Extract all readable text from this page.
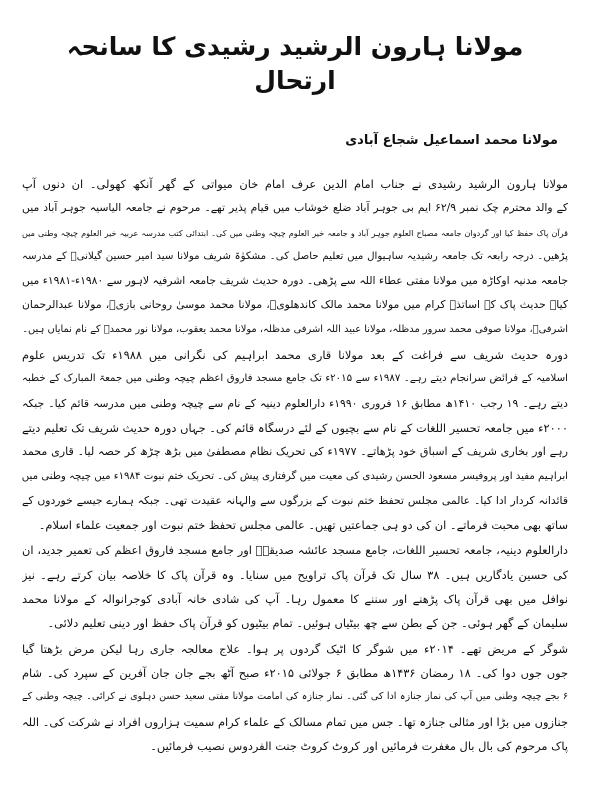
مولانا ہارون الرشید رشیدی کا سانحہ ارتحال
مولانا محمد اسماعیل شجاع آبادی
مولانا ہارون الرشید رشیدی نے جناب امام الدین عرف امام خان میواتی کے گھر آنکھ کھولی۔ ان دنوں آپ
کے والد محترم چک نمبر ۶۲/۹ ایم بی جوہر آباد ضلع خوشاب میں قیام پذیر تھے۔ مرحوم نے جامعہ الیاسیہ جوہر آباد میں
قرآن پاک حفظ کیا اور گردوان جامعہ مصباح العلوم جوہر آباد و جامعہ خیر العلوم چیچہ وطنی میں کی۔ ابتدائی کتب مدرسہ عربیہ خیر العلوم چیچہ وطنی میں
پڑھیں۔ درجہ رابعہ تک جامعہ رشیدیہ ساہیوال میں تعلیم حاصل کی۔ مشکوٰۃ شریف مولانا سید امیر حسین گیلانیؒ کے مدرسہ
جامعہ مدنیہ اوکاڑہ میں مولانا مفتی عطاء اللہ سے پڑھی۔ دورہ حدیث شریف جامعہ اشرفیہ لاہور سے ۱۹۸۰ء-۱۹۸۱ء میں
کیا۔ حدیث پاک کے اساتذہ کرام میں مولانا محمد مالک کاندھلویؒ، مولانا محمد موسیٰ روحانی بازیؒ، مولانا عبدالرحمان
اشرفیؒ، مولانا صوفی محمد سرور مدظلہ، مولانا عبید اللہ اشرفی مدظلہ، مولانا محمد یعقوب، مولانا نور محمدؒ کے نام نمایاں ہیں۔
دورہ حدیث شریف سے فراغت کے بعد مولانا قاری محمد ابراہیم کی نگرانی میں ۱۹۸۸ء تک تدریس علوم
اسلامیہ کے فرائض سرانجام دیتے رہے۔ ۱۹۸۷ء سے ۲۰۱۵ء تک جامع مسجد فاروق اعظم چیچہ وطنی میں جمعۃ المبارک کے خطبہ
دیتے رہے۔ ۱۹ رجب ۱۴۱۰ھ مطابق ۱۶ فروری ۱۹۹۰ء دارالعلوم دینیہ کے نام سے چیچہ وطنی میں مدرسہ قائم کیا۔ جبکہ
۲۰۰۰ء میں جامعہ تحسیر اللغات کے نام سے بچیوں کے لئے درسگاہ قائم کی۔ جہاں دورہ حدیث شریف تک تعلیم دیتے
رہے اور بخاری شریف کے اسباق خود پڑھاتے۔ ۱۹۷۷ء کی تحریک نظام مصطفیٰ میں بڑھ چڑھ کر حصہ لیا۔ قاری محمد
ابراہیم مفید اور پروفیسر مسعود الحسن رشیدی کی معیت میں گرفتاری پیش کی۔ تحریک ختم نبوت ۱۹۸۴ء میں چیچہ وطنی میں
قائدانہ کردار ادا کیا۔ عالمی مجلس تحفظ ختم نبوت کے بزرگوں سے والہانہ عقیدت تھی۔ جبکہ ہمارے جیسے خوردوں کے
ساتھ بھی محبت فرماتے۔ ان کی دو ہی جماعتیں تھیں۔ عالمی مجلس تحفظ ختم نبوت اور جمعیت علماء اسلام۔
دارالعلوم دینیہ، جامعہ تحسیر اللغات، جامع مسجد عائشہ صدیقہؓ اور جامع مسجد فاروق اعظم کی تعمیر جدید، ان
کی حسین یادگاریں ہیں۔ ۳۸ سال تک قرآن پاک تراویح میں سنایا۔ وہ قرآن پاک کا خلاصہ بیان کرتے رہے۔ نیز
نوافل میں بھی قرآن پاک پڑھنے اور سننے کا معمول رہا۔ آپ کی شادی خانہ آبادی کوجرانوالہ کے مولانا محمد
سلیمان کے گھر ہوئی۔ جن کے بطن سے چھ بیٹیاں ہوئیں۔ تمام بیٹیوں کو قرآن پاک حفظ اور دینی تعلیم دلائی۔
شوگر کے مریض تھے۔ ۲۰۱۴ء میں شوگر کا اٹیک گردوں پر ہوا۔ علاج معالجہ جاری رہا لیکن مرض بڑھتا گیا
جوں جوں دوا کی۔ ۱۸ رمضان ۱۴۳۶ھ مطابق ۶ جولائی ۲۰۱۵ء صبح آٹھ بجے جان جان آفرین کے سپرد کی۔ شام
۶ بجے چیچہ وطنی میں آپ کی نماز جنازہ ادا کی گئی۔ نماز جنازہ کی امامت مولانا مفتی سعید حسن دہلوی نے کرائی۔ چیچہ وطنی کے
جنازوں میں بڑا اور مثالی جنازہ تھا۔ جس میں تمام مسالک کے علماء کرام سمیت ہزاروں افراد نے شرکت کی۔ اللہ
پاک مرحوم کی بال بال مغفرت فرمائیں اور کروٹ کروٹ جنت الفردوس نصیب فرمائیں۔
